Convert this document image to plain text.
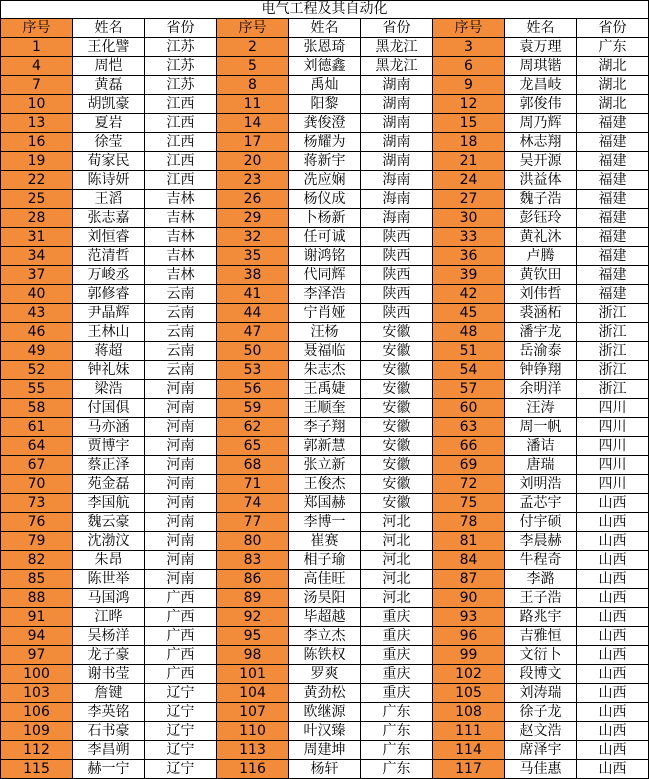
电气工程及其自动化								
序号	姓名	省份	序号	姓名	省份	序号	姓名	省份
1	王化譬	江苏	2	张恩琦	黑龙江	3	袁万理	广东
4	周恺	江苏	5	刘德鑫	黑龙江	6	周琪锴	湖北
7	黄磊	江苏	8	禹灿	湖南	9	龙昌岐	湖北
10	胡凯豪	江西	11	阳黎	湖南	12	郭俊伟	湖北
13	夏岩	江西	14	龚俊澄	湖南	15	周乃辉	福建
16	徐莹	江西	17	杨耀为	湖南	18	林志翔	福建
19	荀家民	江西	20	蒋新宇	湖南	21	吴开源	福建
22	陈诗妍	江西	23	冼应娴	海南	24	洪益体	福建
25	王滔	吉林	26	杨仪成	海南	27	魏子浩	福建
28	张志嘉	吉林	29	卜杨新	海南	30	彭钰玲	福建
31	刘恒睿	吉林	32	任可诚	陕西	33	黄礼沐	福建
34	范清哲	吉林	35	谢鸿铭	陕西	36	卢腾	福建
37	万峻丞	吉林	38	代同辉	陕西	39	黄钦田	福建
40	郭修睿	云南	41	李泽浩	陕西	42	刘伟哲	福建
43	尹晶辉	云南	44	宁肖娅	陕西	45	裘涵柘	浙江
46	王林山	云南	47	汪杨	安徽	48	潘宇龙	浙江
49	蒋超	云南	50	聂福临	安徽	51	岳渝泰	浙江
52	钟礼妹	云南	53	朱志杰	安徽	54	钟铮翔	浙江
55	梁浩	河南	56	王禹婕	安徽	57	余明洋	浙江
58	付国俱	河南	59	王顺奎	安徽	60	汪涛	四川
61	马亦涵	河南	62	李子翔	安徽	63	周一帆	四川
64	贾博宇	河南	65	郭新慧	安徽	66	潘诘	四川
67	蔡正泽	河南	68	张立新	安徽	69	唐瑞	四川
70	苑金磊	河南	71	王俊杰	安徽	72	刘明浩	四川
73	李国航	河南	74	郑国赫	安徽	75	孟芯宇	山西
76	魏云豪	河南	77	李博一	河北	78	付宇硕	山西
79	沈渤汶	河南	80	崔赛	河北	81	李晨赫	山西
82	朱昂	河南	83	相子瑜	河北	84	牛程奇	山西
85	陈世举	河南	86	高佳旺	河北	87	李潞	山西
88	马国鸿	广西	89	汤昊阳	河北	90	王子浩	山西
91	江晔	广西	92	毕超越	重庆	93	路兆宇	山西
94	吴杨洋	广西	95	李立杰	重庆	96	吉雅恒	山西
97	龙子豪	广西	98	陈铁权	重庆	99	文衍卜	山西
100	谢书莹	广西	101	罗爽	重庆	102	段博文	山西
103	詹键	辽宁	104	黄劲松	重庆	105	刘涛瑞	山西
106	李英铭	辽宁	107	欧继源	广东	108	徐子龙	山西
109	石书豪	辽宁	110	叶汉臻	广东	111	赵文浩	山西
112	李昌朔	辽宁	113	周建坤	广东	114	席泽宇	山西
115	赫一宁	辽宁	116	杨轩	广东	117	马佳惠	山西
